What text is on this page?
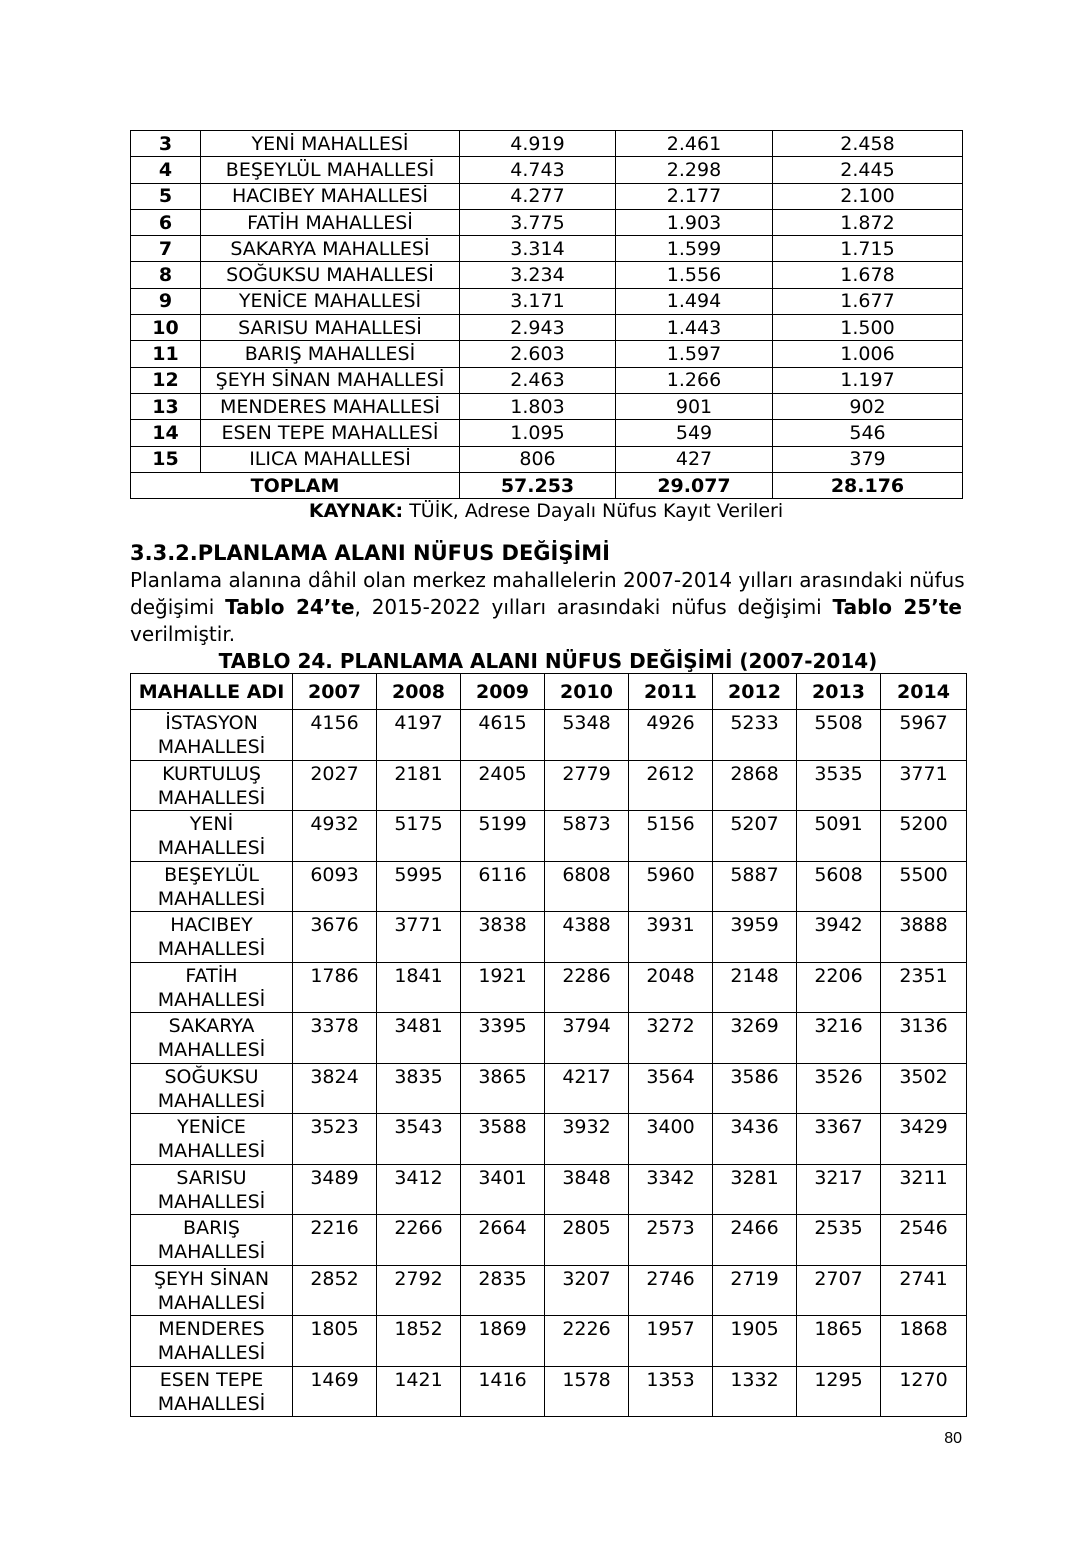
3	YENİ MAHALLESİ	4.919	2.461	2.458
4	BEŞEYLÜL MAHALLESİ	4.743	2.298	2.445
5	HACIBEY MAHALLESİ	4.277	2.177	2.100
6	FATİH MAHALLESİ	3.775	1.903	1.872
7	SAKARYA MAHALLESİ	3.314	1.599	1.715
8	SOĞUKSU MAHALLESİ	3.234	1.556	1.678
9	YENİCE MAHALLESİ	3.171	1.494	1.677
10	SARISU MAHALLESİ	2.943	1.443	1.500
11	BARIŞ MAHALLESİ	2.603	1.597	1.006
12	ŞEYH SİNAN MAHALLESİ	2.463	1.266	1.197
13	MENDERES MAHALLESİ	1.803	901	902
14	ESEN TEPE MAHALLESİ	1.095	549	546
15	ILICA MAHALLESİ	806	427	379
TOPLAM		57.253	29.077	28.176
KAYNAK: TÜİK, Adrese Dayalı Nüfus Kayıt Verileri
3.3.2.PLANLAMA ALANI NÜFUS DEĞİŞİMİ
Planlama alanına dâhil olan merkez mahallelerin 2007-2014 yılları arasındaki nüfus
değişimi Tablo 24’te, 2015-2022 yılları arasındaki nüfus değişimi Tablo 25’te
verilmiştir.
TABLO 24. PLANLAMA ALANI NÜFUS DEĞİŞİMİ (2007-2014)
MAHALLE ADI	2007	2008	2009	2010	2011	2012	2013	2014

İSTASYON
MAHALLESİ	4156	4197	4615	5348	4926	5233	5508	5967

KURTULUŞ
MAHALLESİ	2027	2181	2405	2779	2612	2868	3535	3771

YENİ
MAHALLESİ	4932	5175	5199	5873	5156	5207	5091	5200

BEŞEYLÜL
MAHALLESİ	6093	5995	6116	6808	5960	5887	5608	5500

HACIBEY
MAHALLESİ	3676	3771	3838	4388	3931	3959	3942	3888

FATİH
MAHALLESİ	1786	1841	1921	2286	2048	2148	2206	2351

SAKARYA
MAHALLESİ	3378	3481	3395	3794	3272	3269	3216	3136

SOĞUKSU
MAHALLESİ	3824	3835	3865	4217	3564	3586	3526	3502

YENİCE
MAHALLESİ	3523	3543	3588	3932	3400	3436	3367	3429

SARISU
MAHALLESİ	3489	3412	3401	3848	3342	3281	3217	3211

BARIŞ
MAHALLESİ	2216	2266	2664	2805	2573	2466	2535	2546

ŞEYH SİNAN
MAHALLESİ	2852	2792	2835	3207	2746	2719	2707	2741

MENDERES
MAHALLESİ	1805	1852	1869	2226	1957	1905	1865	1868

ESEN TEPE
MAHALLESİ	1469	1421	1416	1578	1353	1332	1295	1270
80
